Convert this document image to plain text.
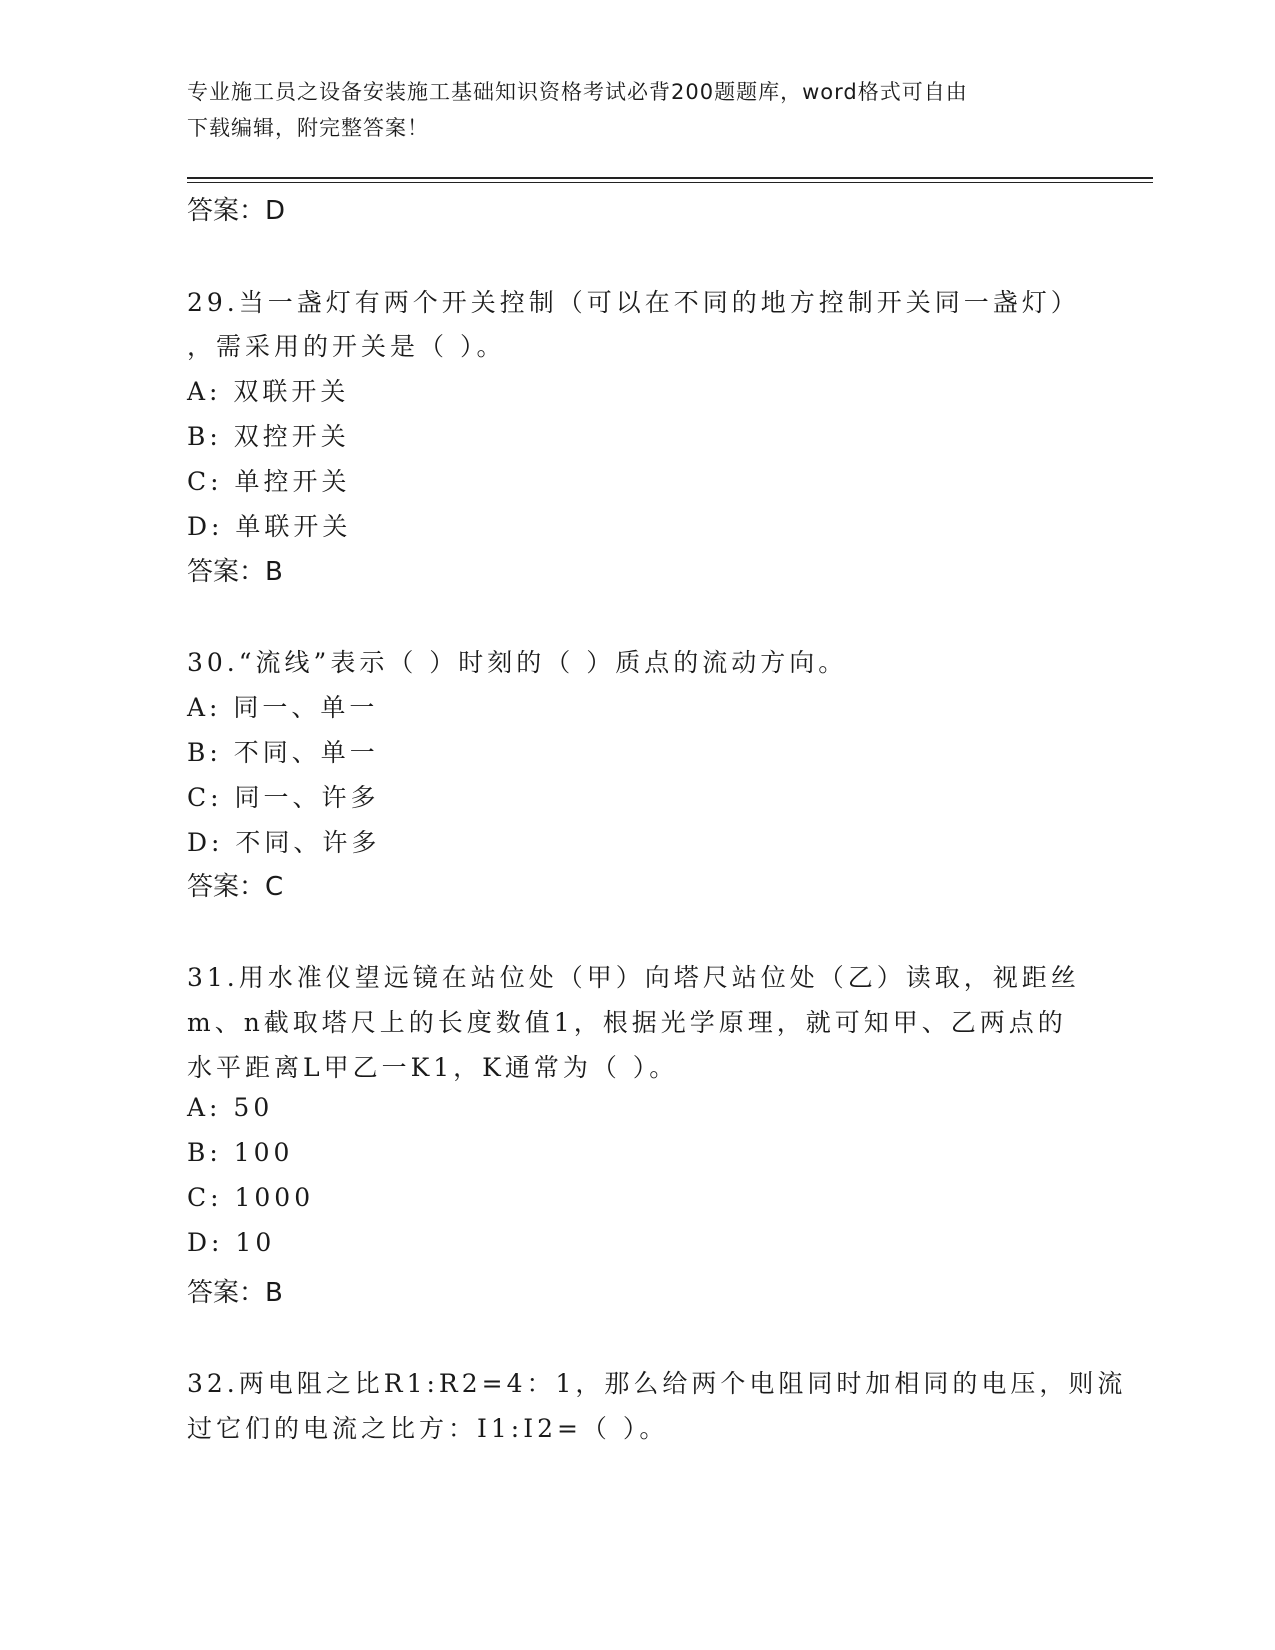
专业施工员之设备安装施工基础知识资格考试必背200题题库，word格式可自由
下载编辑，附完整答案！
答案：D
29.当一盏灯有两个开关控制（可以在不同的地方控制开关同一盏灯）
，需采用的开关是（ ）。
A: 双联开关
B: 双控开关
C: 单控开关
D: 单联开关
答案：B
30.“流线”表示（ ）时刻的（ ）质点的流动方向。
A: 同一、单一
B: 不同、单一
C: 同一、许多
D: 不同、许多
答案：C
31.用水准仪望远镜在站位处（甲）向塔尺站位处（乙）读取，视距丝
m、n截取塔尺上的长度数值1，根据光学原理，就可知甲、乙两点的
水平距离L甲乙一K1，K通常为（ ）。
A: 50
B: 100
C: 1000
D: 10
答案：B
32.两电阻之比R1:R2=4：1，那么给两个电阻同时加相同的电压，则流
过它们的电流之比方：I1:I2=（ ）。
